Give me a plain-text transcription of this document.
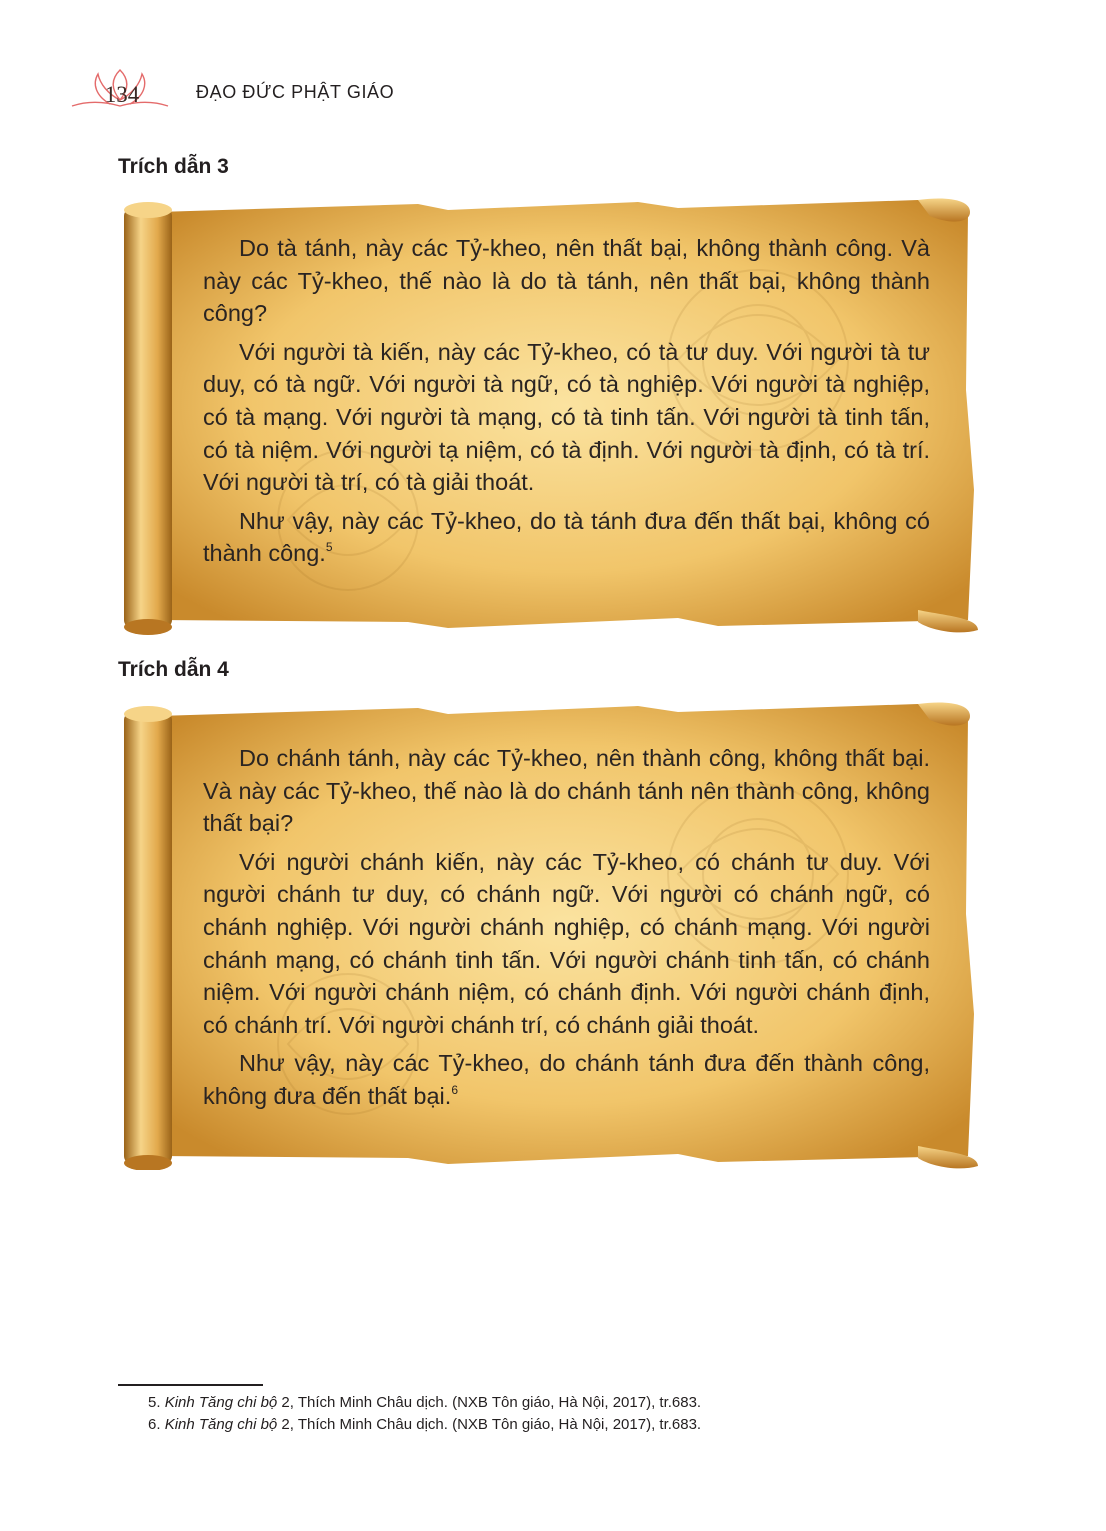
134	ĐẠO ĐỨC PHẬT GIÁO
Trích dẫn 3

Do tà tánh, này các Tỷ-kheo, nên thất bại, không thành công. Và này các Tỷ-kheo, thế nào là do tà tánh, nên thất bại, không thành công?

Với người tà kiến, này các Tỷ-kheo, có tà tư duy. Với người tà tư duy, có tà ngữ. Với người tà ngữ, có tà nghiệp. Với người tà nghiệp, có tà mạng. Với người tà mạng, có tà tinh tấn. Với người tà tinh tấn, có tà niệm. Với người tạ niệm, có tà định. Với người tà định, có tà trí. Với người tà trí, có tà giải thoát.

Như vậy, này các Tỷ-kheo, do tà tánh đưa đến thất bại, không có thành công.$^5$

Trích dẫn 4

Do chánh tánh, này các Tỷ-kheo, nên thành công, không thất bại. Và này các Tỷ-kheo, thế nào là do chánh tánh nên thành công, không thất bại?

Với người chánh kiến, này các Tỷ-kheo, có chánh tư duy. Với người chánh tư duy, có chánh ngữ. Với người có chánh ngữ, có chánh nghiệp. Với người chánh nghiệp, có chánh mạng. Với người chánh mạng, có chánh tinh tấn. Với người chánh tinh tấn, có chánh niệm. Với người chánh niệm, có chánh định. Với người chánh định, có chánh trí. Với người chánh trí, có chánh giải thoát.

Như vậy, này các Tỷ-kheo, do chánh tánh đưa đến thành công, không đưa đến thất bại.$^6$

5. Kinh Tăng chi bộ 2, Thích Minh Châu dịch. (NXB Tôn giáo, Hà Nội, 2017), tr.683.
6. Kinh Tăng chi bộ 2, Thích Minh Châu dịch. (NXB Tôn giáo, Hà Nội, 2017), tr.683.
